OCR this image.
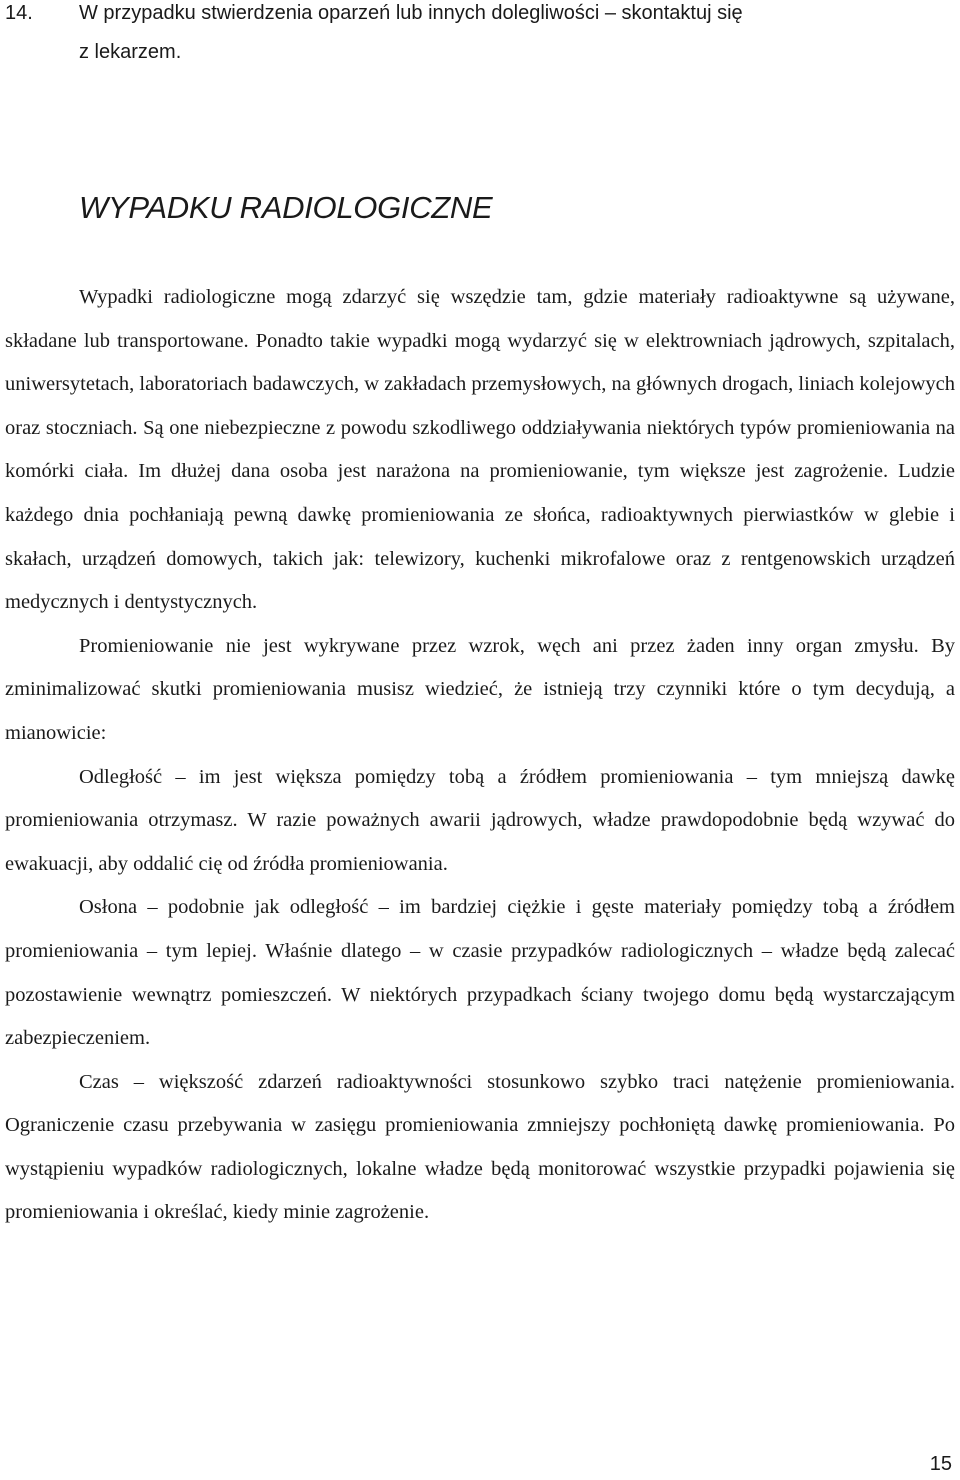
14. W przypadku stwierdzenia oparzeń lub innych dolegliwości – skontaktuj się
z lekarzem.
WYPADKU RADIOLOGICZNE

Wypadki radiologiczne mogą zdarzyć się wszędzie tam, gdzie materiały radioaktywne są używane, składane lub transportowane. Ponadto takie wypadki mogą wydarzyć się w elektrowniach jądrowych, szpitalach, uniwersytetach, laboratoriach badawczych, w zakładach przemysłowych, na głównych drogach, liniach kolejowych oraz stoczniach. Są one niebezpieczne z powodu szkodliwego oddziaływania niektórych typów promieniowania na komórki ciała. Im dłużej dana osoba jest narażona na promieniowanie, tym większe jest zagrożenie. Ludzie każdego dnia pochłaniają pewną dawkę promieniowania ze słońca, radioaktywnych pierwiastków w glebie i skałach, urządzeń domowych, takich jak: telewizory, kuchenki mikrofalowe oraz z rentgenowskich urządzeń medycznych i dentystycznych.

Promieniowanie nie jest wykrywane przez wzrok, węch ani przez żaden inny organ zmysłu. By zminimalizować skutki promieniowania musisz wiedzieć, że istnieją trzy czynniki które o tym decydują, a mianowicie:

Odległość – im jest większa pomiędzy tobą a źródłem promieniowania – tym mniejszą dawkę promieniowania otrzymasz. W razie poważnych awarii jądrowych, władze prawdopodobnie będą wzywać do ewakuacji, aby oddalić cię od źródła promieniowania.

Osłona – podobnie jak odległość – im bardziej ciężkie i gęste materiały pomiędzy tobą a źródłem promieniowania – tym lepiej. Właśnie dlatego – w czasie przypadków radiologicznych – władze będą zalecać pozostawienie wewnątrz pomieszczeń. W niektórych przypadkach ściany twojego domu będą wystarczającym zabezpieczeniem.

Czas – większość zdarzeń radioaktywności stosunkowo szybko traci natężenie promieniowania. Ograniczenie czasu przebywania w zasięgu promieniowania zmniejszy pochłoniętą dawkę promieniowania. Po wystąpieniu wypadków radiologicznych, lokalne władze będą monitorować wszystkie przypadki pojawienia się promieniowania i określać, kiedy minie zagrożenie.

15
